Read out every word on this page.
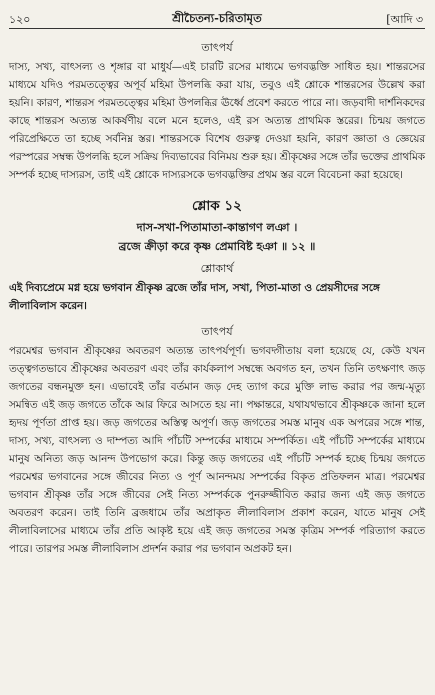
১২০	শ্রীচৈতন্য-চরিতামৃত	[আদি ৩

তাৎপর্য

দাস্য, সখ্য, বাৎসল্য ও শৃঙ্গার বা মাধুর্য—এই চারটি রসের মাধ্যমে ভগবদ্ভক্তি সাধিত হয়। শান্তরসের মাধ্যমে যদিও পরমতত্ত্বের অপূর্ব মহিমা উপলব্ধি করা যায়, তবুও এই শ্লোকে শান্তরসের উল্লেখ করা হয়নি। কারণ, শান্তরস পরমতত্ত্বের মহিমা উপলব্ধির ঊর্ধ্বে প্রবেশ করতে পারে না। জড়বাদী দার্শনিকদের কাছে শান্তরস অত্যন্ত আকর্ষণীয় বলে মনে হলেও, এই রস অত্যন্ত প্রাথমিক স্তরের। চিন্ময় জগতে পরিপ্রেক্ষিতে তা হচ্ছে সর্বনিম্ন স্তর। শান্তরসকে বিশেষ গুরুত্ব দেওয়া হয়নি, কারণ জ্ঞাতা ও জ্ঞেয়ের পরস্পরের সম্বন্ধ উপলব্ধি হলে সক্রিয় দিব্যভাবের বিনিময় শুরু হয়। শ্রীকৃষ্ণের সঙ্গে তাঁর ভক্তের প্রাথমিক সম্পর্ক হচ্ছে দাস্যরস, তাই এই শ্লোকে দাস্যরসকে ভগবদ্ভক্তির প্রথম স্তর বলে বিবেচনা করা হয়েছে।

শ্লোক ১২

দাস-সখা-পিতামাতা-কান্তাগণ লঞা ।

ব্রজে ক্রীড়া করে কৃষ্ণ প্রেমাবিষ্ট হঞা ॥ ১২ ॥

শ্লোকার্থ

এই দিব্যপ্রেমে মগ্ন হয়ে ভগবান শ্রীকৃষ্ণ ব্রজে তাঁর দাস, সখা, পিতা-মাতা ও প্রেয়সীদের সঙ্গে লীলাবিলাস করেন।

তাৎপর্য

পরমেশ্বর ভগবান শ্রীকৃষ্ণের অবতরণ অত্যন্ত তাৎপর্যপূর্ণ। ভগবদ্গীতায় বলা হয়েছে যে, কেউ যখন তত্ত্বগতভাবে শ্রীকৃষ্ণের অবতরণ এবং তাঁর কার্যকলাপ সম্বন্ধে অবগত হন, তখন তিনি তৎক্ষণাৎ জড় জগতের বন্ধনমুক্ত হন। এভাবেই তাঁর বর্তমান জড় দেহ ত্যাগ করে মুক্তি লাভ করার পর জন্ম-মৃত্যু সমন্বিত এই জড় জগতে তাঁকে আর ফিরে আসতে হয় না। পক্ষান্তরে, যথাযথভাবে শ্রীকৃষ্ণকে জানা হলে হৃদয় পূর্ণতা প্রাপ্ত হয়। জড় জগতের অস্তিত্ব অপূর্ণ। জড় জগতের সমস্ত মানুষ এক অপরের সঙ্গে শান্ত, দাস্য, সখ্য, বাৎসল্য ও দাম্পত্য আদি পাঁচটি সম্পর্কের মাধ্যমে সম্পর্কিত। এই পাঁচটি সম্পর্কের মাধ্যমে মানুষ অনিত্য জড় আনন্দ উপভোগ করে। কিন্তু জড় জগতের এই পাঁচটি সম্পর্ক হচ্ছে চিন্ময় জগতে পরমেশ্বর ভগবানের সঙ্গে জীবের নিত্য ও পূর্ণ আনন্দময় সম্পর্কের বিকৃত প্রতিফলন মাত্র। পরমেশ্বর ভগবান শ্রীকৃষ্ণ তাঁর সঙ্গে জীবের সেই নিত্য সম্পর্ককে পুনরুজ্জীবিত করার জন্য এই জড় জগতে অবতরণ করেন। তাই তিনি ব্রজধামে তাঁর অপ্রাকৃত লীলাবিলাস প্রকাশ করেন, যাতে মানুষ সেই লীলাবিলাসের মাধ্যমে তাঁর প্রতি আকৃষ্ট হয়ে এই জড় জগতের সমস্ত কৃত্রিম সম্পর্ক পরিত্যাগ করতে পারে। তারপর সমস্ত লীলাবিলাস প্রদর্শন করার পর ভগবান অপ্রকট হন।
